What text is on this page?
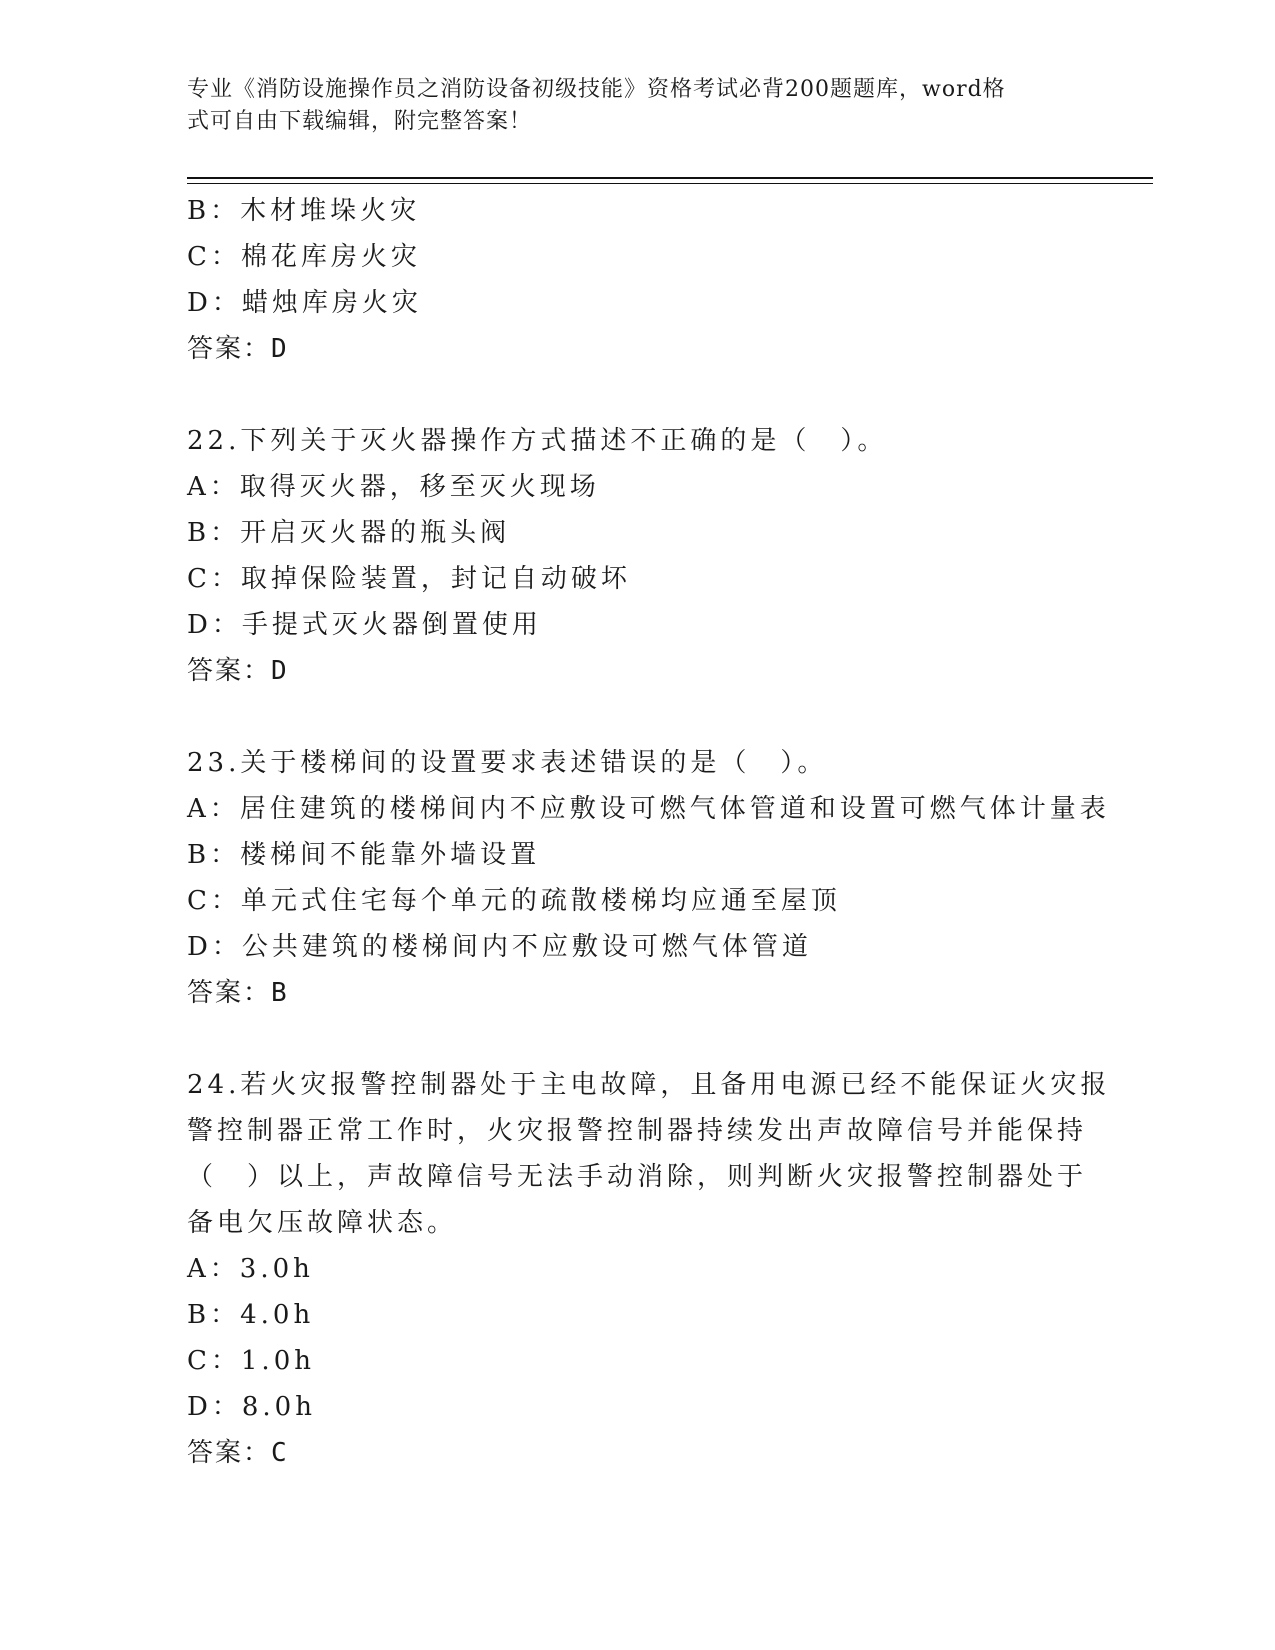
专业《消防设施操作员之消防设备初级技能》资格考试必背200题题库，word格
式可自由下载编辑，附完整答案！
B：木材堆垛火灾
C：棉花库房火灾
D：蜡烛库房火灾
答案：D
22.下列关于灭火器操作方式描述不正确的是（　）。
A：取得灭火器，移至灭火现场
B：开启灭火器的瓶头阀
C：取掉保险装置，封记自动破坏
D：手提式灭火器倒置使用
答案：D
23.关于楼梯间的设置要求表述错误的是（　）。
A：居住建筑的楼梯间内不应敷设可燃气体管道和设置可燃气体计量表
B：楼梯间不能靠外墙设置
C：单元式住宅每个单元的疏散楼梯均应通至屋顶
D：公共建筑的楼梯间内不应敷设可燃气体管道
答案：B
24.若火灾报警控制器处于主电故障，且备用电源已经不能保证火灾报
警控制器正常工作时，火灾报警控制器持续发出声故障信号并能保持
（　）以上，声故障信号无法手动消除，则判断火灾报警控制器处于
备电欠压故障状态。
A：3.0h
B：4.0h
C：1.0h
D：8.0h
答案：C
